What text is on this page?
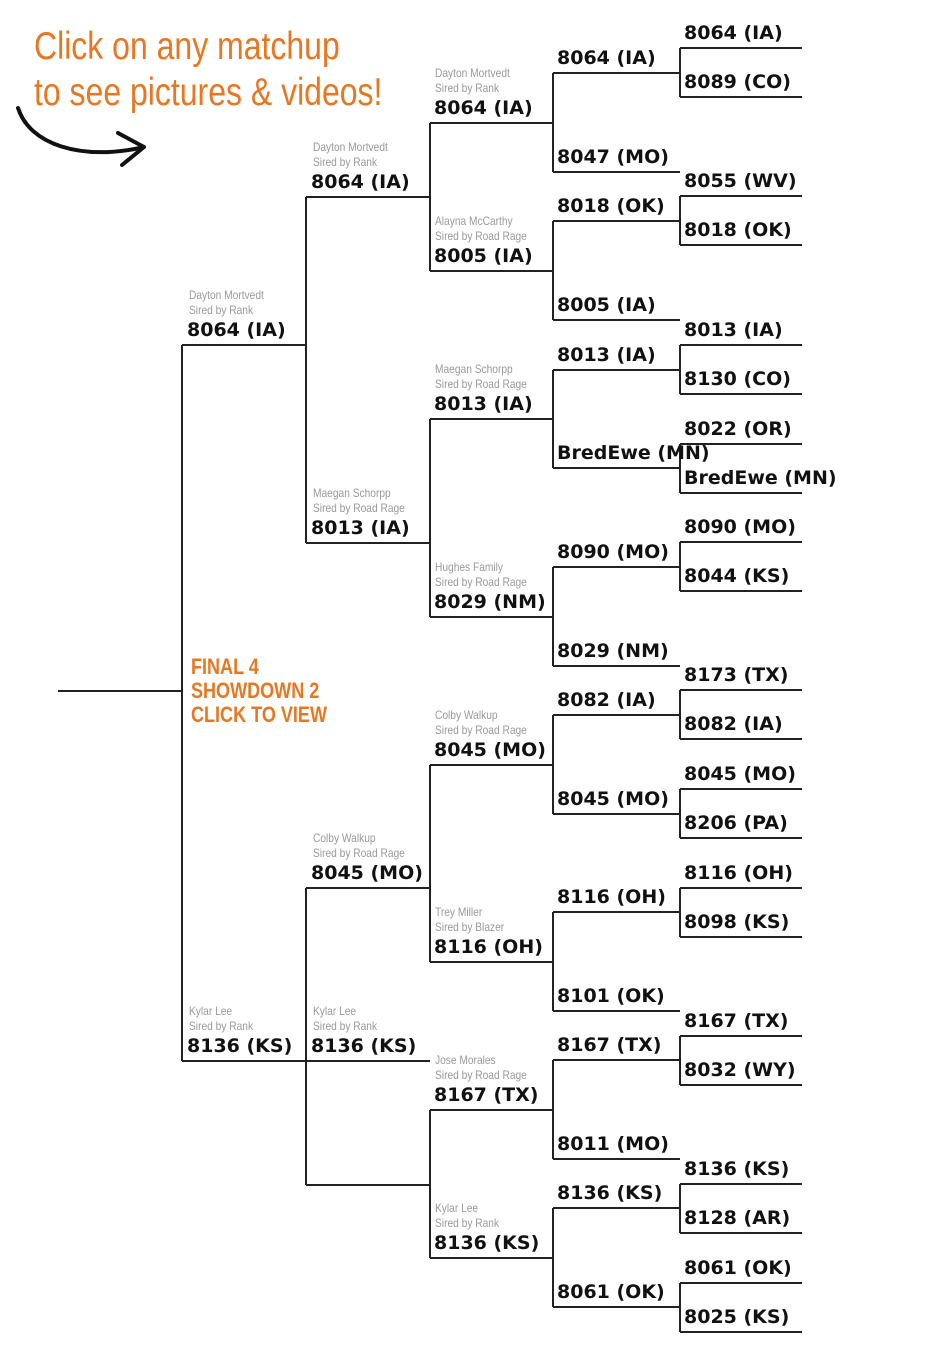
8064 (IA)
8089 (CO)
8055 (WV)
8018 (OK)
8013 (IA)
8130 (CO)
8022 (OR)
BredEwe (MN)
8090 (MO)
8044 (KS)
8173 (TX)
8082 (IA)
8045 (MO)
8206 (PA)
8116 (OH)
8098 (KS)
8167 (TX)
8032 (WY)
8136 (KS)
8128 (AR)
8061 (OK)
8025 (KS)
8064 (IA)
8047 (MO)
8018 (OK)
8005 (IA)
8013 (IA)
BredEwe (MN)
8090 (MO)
8029 (NM)
8082 (IA)
8045 (MO)
8116 (OH)
8101 (OK)
8167 (TX)
8011 (MO)
8136 (KS)
8061 (OK)
Dayton Mortvedt
Sired by Rank
8064 (IA)
Alayna McCarthy
Sired by Road Rage
8005 (IA)
Maegan Schorpp
Sired by Road Rage
8013 (IA)
Hughes Family
Sired by Road Rage
8029 (NM)
Colby Walkup
Sired by Road Rage
8045 (MO)
Trey Miller
Sired by Blazer
8116 (OH)
Jose Morales
Sired by Road Rage
8167 (TX)
Kylar Lee
Sired by Rank
8136 (KS)
Dayton Mortvedt
Sired by Rank
8064 (IA)
Maegan Schorpp
Sired by Road Rage
8013 (IA)
Colby Walkup
Sired by Road Rage
8045 (MO)
Kylar Lee
Sired by Rank
8136 (KS)
Dayton Mortvedt
Sired by Rank
8064 (IA)
Kylar Lee
Sired by Rank
8136 (KS)
Click on any matchup
to see pictures & videos!
FINAL 4
SHOWDOWN 2
CLICK TO VIEW
